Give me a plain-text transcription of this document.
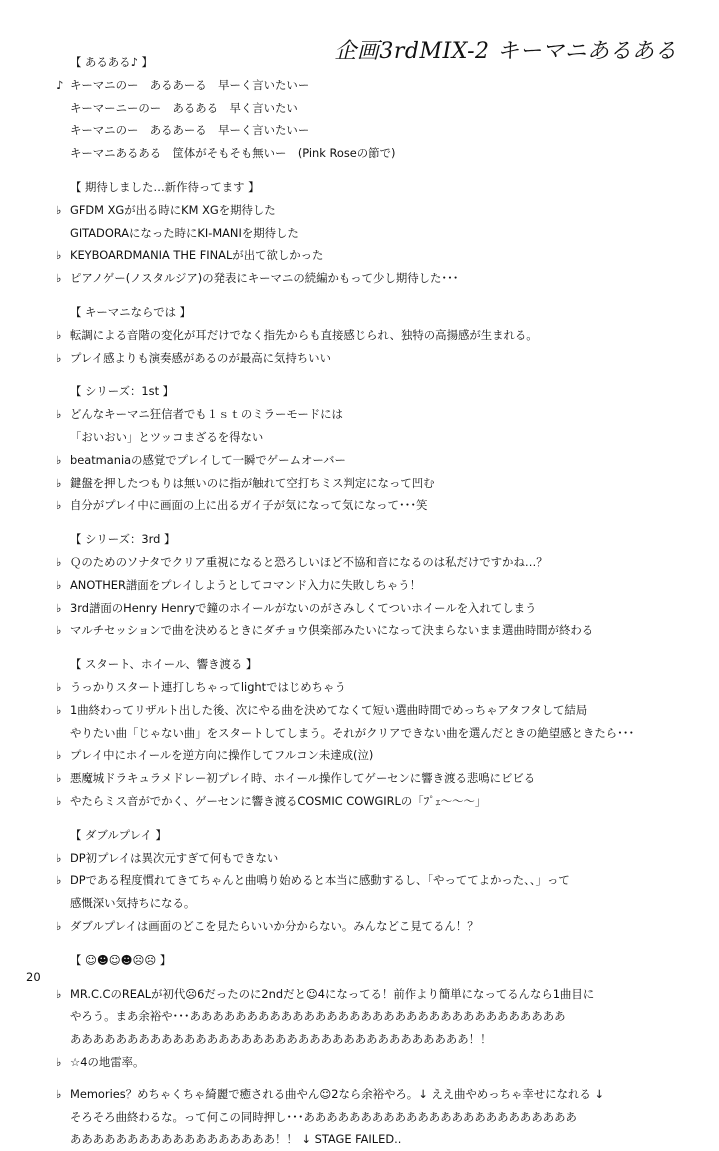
企画3rdMIX-2 キーマニあるある
【 あるある♪ 】
♪ キーマニのー　あるあーる　早ーく言いたいー
キーマーニーのー　あるある　早く言いたい
キーマニのー　あるあーる　早ーく言いたいー
キーマニあるある　筐体がそもそも無いー　(Pink Roseの節で)
【 期待しました…新作待ってます 】
♭ GFDM XGが出る時にKM XGを期待した
GITADORAになった時にKI-MANIを期待した
♭ KEYBOARDMANIA THE FINALが出て欲しかった
♭ ピアノゲー(ノスタルジア)の発表にキーマニの続編かもって少し期待した･･･
【 キーマニならでは 】
♭ 転調による音階の変化が耳だけでなく指先からも直接感じられ、独特の高揚感が生まれる。
♭ プレイ感よりも演奏感があるのが最高に気持ちいい
【 シリーズ：1st 】
♭ どんなキーマニ狂信者でも１ｓｔのミラーモードには
「おいおい」とツッコまざるを得ない
♭ beatmaniaの感覚でプレイして一瞬でゲームオーバー
♭ 鍵盤を押したつもりは無いのに指が触れて空打ちミス判定になって凹む
♭ 自分がプレイ中に画面の上に出るガイ子が気になって気になって･･･笑
【 シリーズ：3rd 】
♭ Ｑのためのソナタでクリア重視になると恐ろしいほど不協和音になるのは私だけですかね…？
♭ ANOTHER譜面をプレイしようとしてコマンド入力に失敗しちゃう！
♭ 3rd譜面のHenry Henryで鐘のホイールがないのがさみしくてついホイールを入れてしまう
♭ マルチセッションで曲を決めるときにダチョウ倶楽部みたいになって決まらないまま選曲時間が終わる
【 スタート、ホイール、響き渡る 】
♭ うっかりスタート連打しちゃってlightではじめちゃう
♭ 1曲終わってリザルト出した後、次にやる曲を決めてなくて短い選曲時間でめっちゃアタフタして結局
やりたい曲「じゃない曲」をスタートしてしまう。それがクリアできない曲を選んだときの絶望感ときたら･･･
♭ プレイ中にホイールを逆方向に操作してフルコン未達成(泣)
♭ 悪魔城ドラキュラメドレー初プレイ時、ホイール操作してゲーセンに響き渡る悲鳴にビビる
♭ やたらミス音がでかく、ゲーセンに響き渡るCOSMIC COWGIRLの「ﾌﾟｪ〜〜〜」
【 ダブルプレイ 】
♭ DP初プレイは異次元すぎて何もできない
♭ DPである程度慣れてきてちゃんと曲鳴り始めると本当に感動するし、「やっててよかった、、」って
感慨深い気持ちになる。
♭ ダブルプレイは画面のどこを見たらいいか分からない。みんなどこ見てるん！？
【 ☺☻☺☻☹☹ 】
♭ MR.C.CのREALが初代☹6だったのに2ndだと☺4になってる！前作より簡単になってるんなら1曲目に
やろう。まあ余裕や･･･あああああああああああああああああああああああああああああああああ
あああああああああああああああああああああああああああああああああああ！！
♭ ☆4の地雷率。
♭ Memories？めちゃくちゃ綺麗で癒される曲やん☺2なら余裕やろ。↓ ええ曲やめっちゃ幸せになれる ↓
そろそろ曲終わるな。って何この同時押し･･･ああああああああああああああああああああああああ
ああああああああああああああああああ！！ ↓ STAGE FAILED..
20
